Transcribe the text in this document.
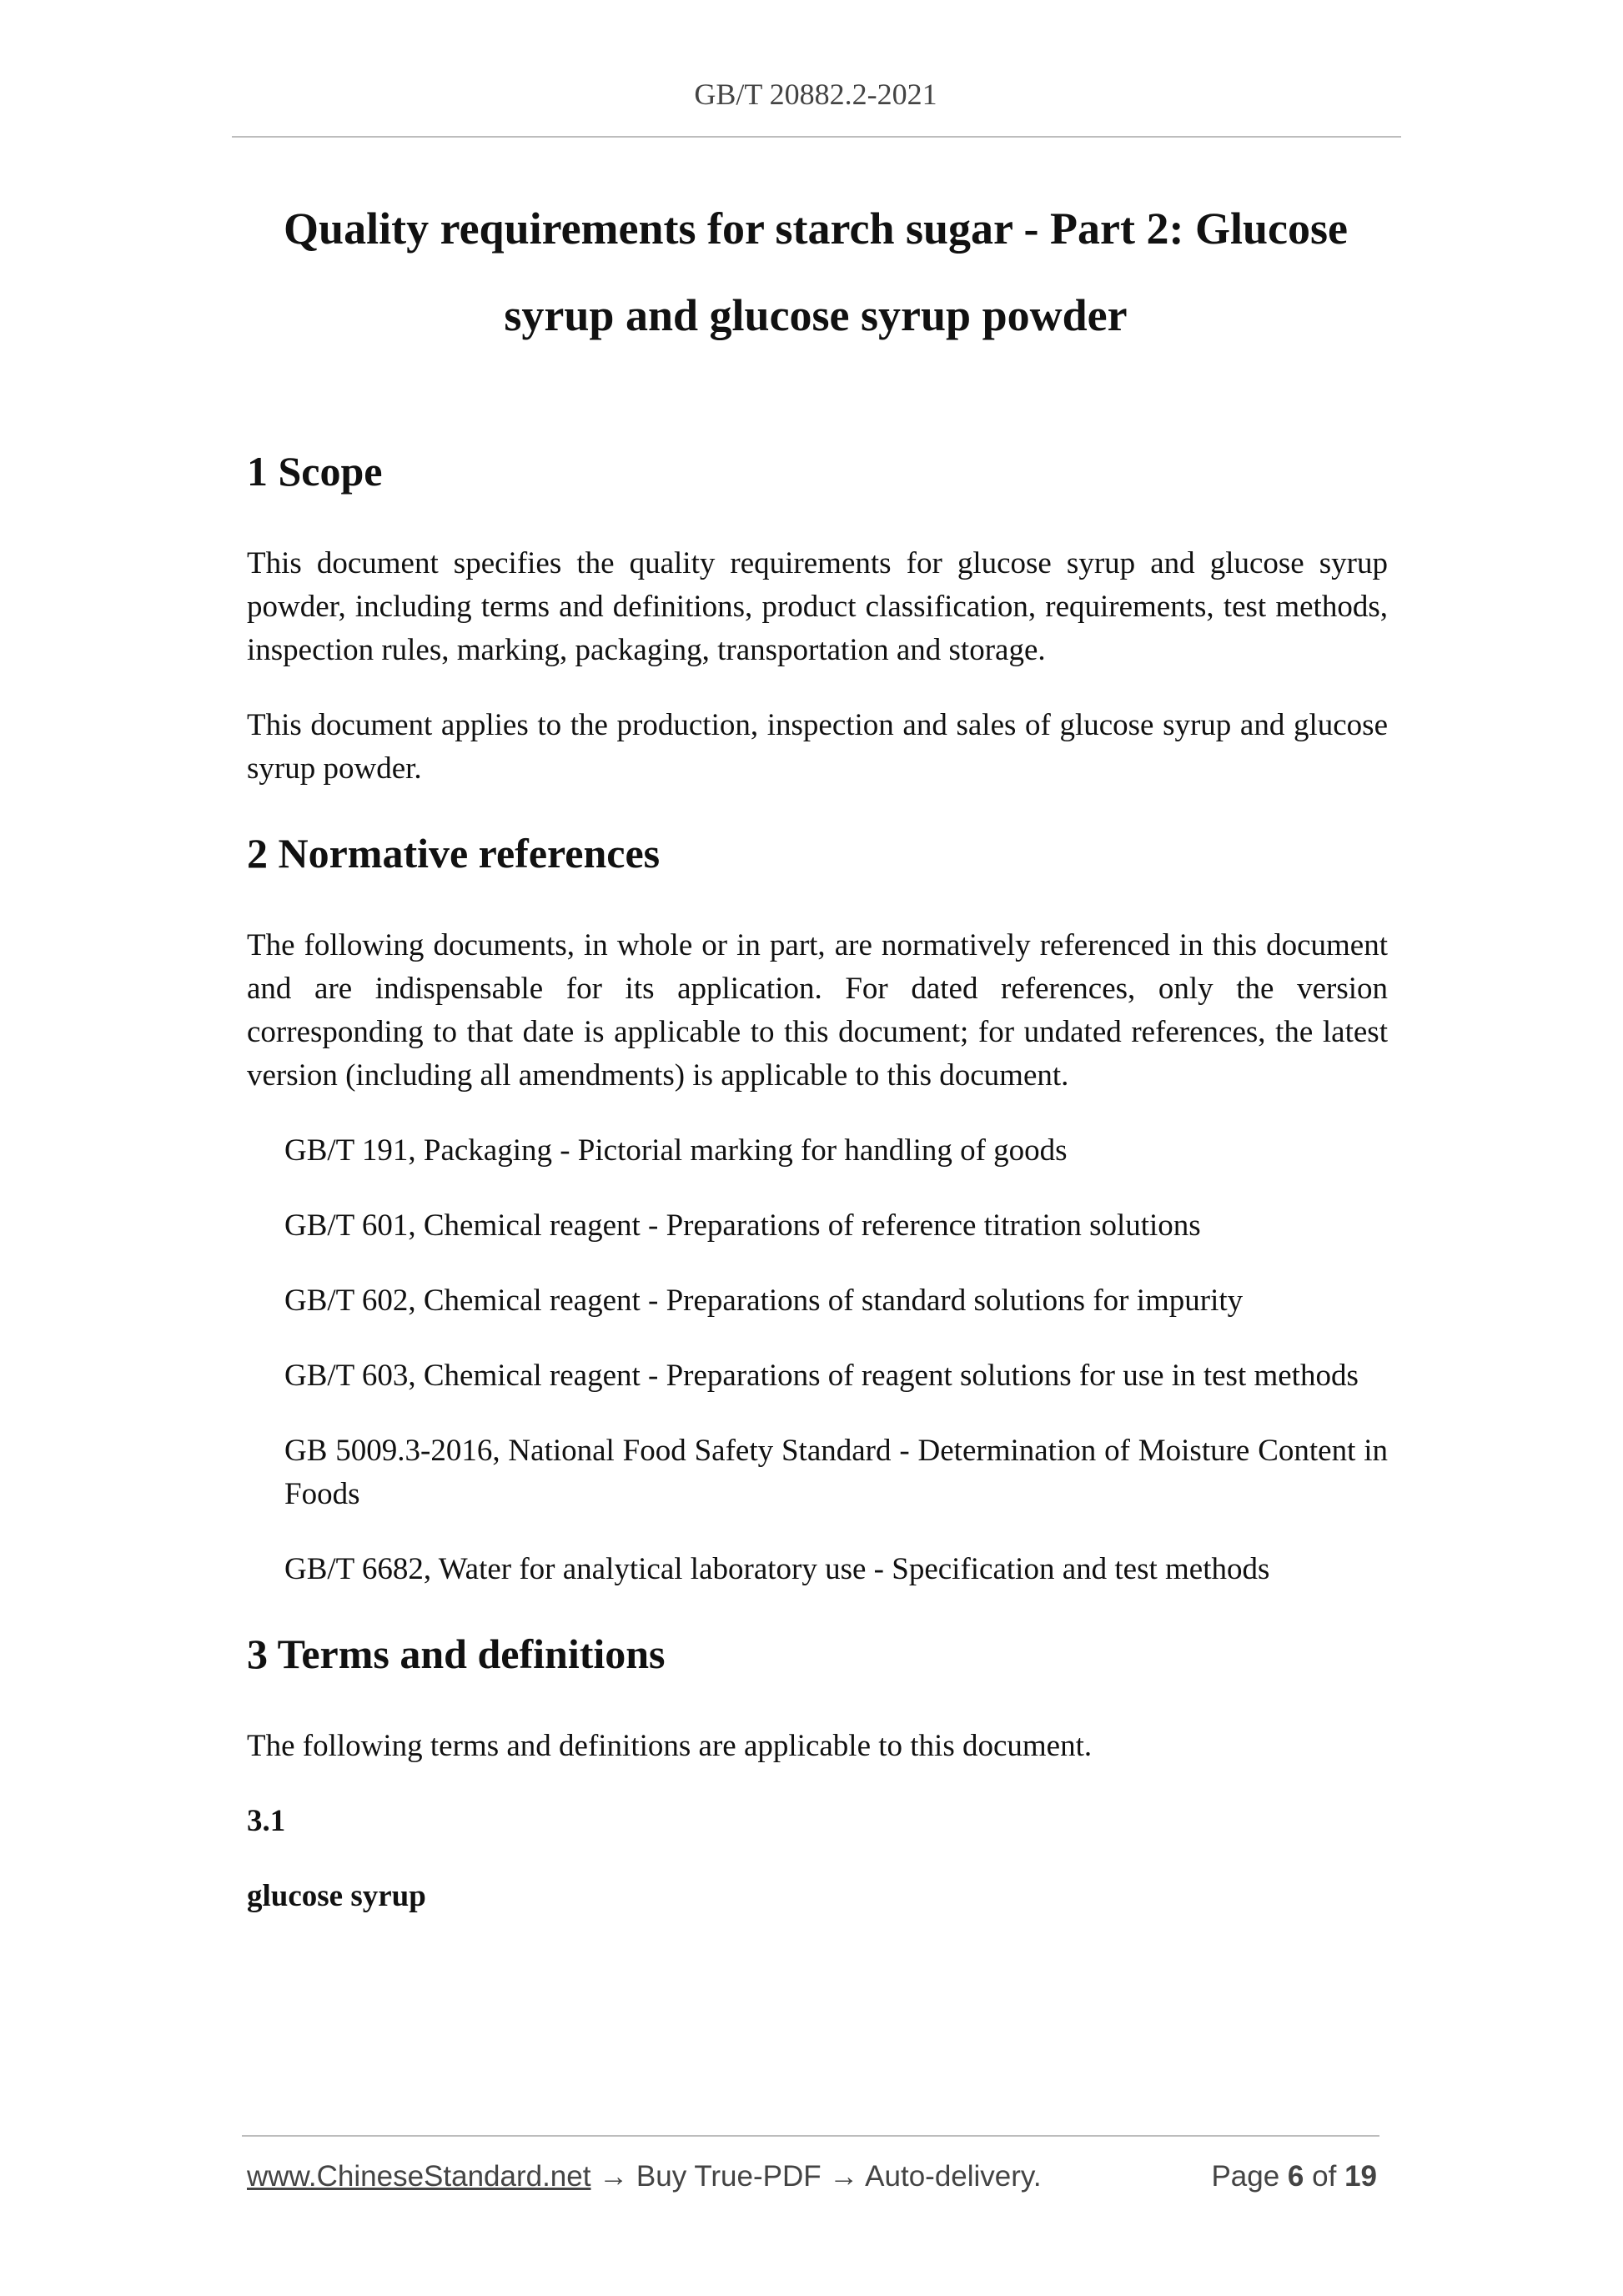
GB/T 20882.2-2021
Quality requirements for starch sugar - Part 2: Glucose
syrup and glucose syrup powder
1 Scope

This document specifies the quality requirements for glucose syrup and glucose syrup powder, including terms and definitions, product classification, requirements, test methods, inspection rules, marking, packaging, transportation and storage.

This document applies to the production, inspection and sales of glucose syrup and glucose syrup powder.

2 Normative references

The following documents, in whole or in part, are normatively referenced in this document and are indispensable for its application. For dated references, only the version corresponding to that date is applicable to this document; for undated references, the latest version (including all amendments) is applicable to this document.

GB/T 191, Packaging - Pictorial marking for handling of goods

GB/T 601, Chemical reagent - Preparations of reference titration solutions

GB/T 602, Chemical reagent - Preparations of standard solutions for impurity

GB/T 603, Chemical reagent - Preparations of reagent solutions for use in test methods

GB 5009.3-2016, National Food Safety Standard - Determination of Moisture Content in Foods

GB/T 6682, Water for analytical laboratory use - Specification and test methods

3 Terms and definitions

The following terms and definitions are applicable to this document.

3.1

glucose syrup

www.ChineseStandard.net → Buy True-PDF → Auto-delivery.	Page 6 of 19
